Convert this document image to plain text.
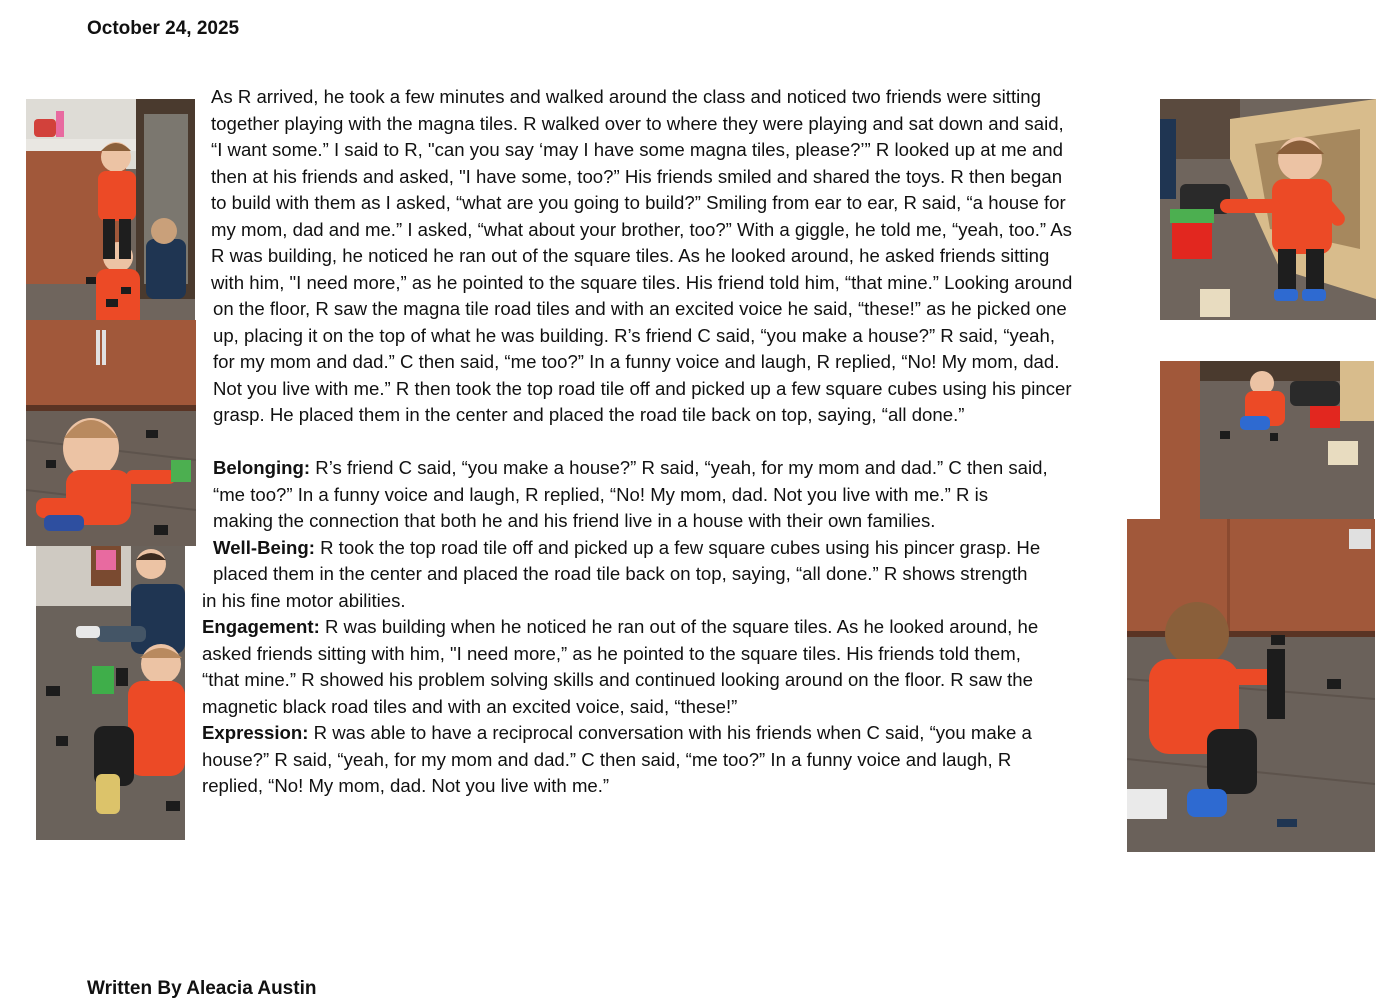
October 24, 2025
As R arrived, he took a few minutes and walked around the class and noticed two friends were sitting
together playing with the magna tiles. R walked over to where they were playing and sat down and said,
“I want some.” I said to R, "can you say ‘may I have some magna tiles, please?’” R looked up at me and
then at his friends and asked, "I have some, too?” His friends smiled and shared the toys. R then began
to build with them as I asked, “what are you going to build?” Smiling from ear to ear, R said, “a house for
my mom, dad and me.” I asked, “what about your brother, too?” With a giggle, he told me, “yeah, too.” As
R was building, he noticed he ran out of the square tiles. As he looked around, he asked friends sitting
with him, "I need more,” as he pointed to the square tiles. His friend told him, “that mine.” Looking around
on the floor, R saw the magna tile road tiles and with an excited voice he said, “these!” as he picked one
up, placing it on the top of what he was building. R’s friend C said, “you make a house?” R said, “yeah,
for my mom and dad.” C then said, “me too?” In a funny voice and laugh, R replied, “No! My mom, dad.
Not you live with me.” R then took the top road tile off and picked up a few square cubes using his pincer
grasp. He placed them in the center and placed the road tile back on top, saying, “all done.”
Belonging: R’s friend C said, “you make a house?” R said, “yeah, for my mom and dad.” C then said,
“me too?” In a funny voice and laugh, R replied, “No! My mom, dad. Not you live with me.” R is
making the connection that both he and his friend live in a house with their own families.
Well-Being: R took the top road tile off and picked up a few square cubes using his pincer grasp. He
placed them in the center and placed the road tile back on top, saying, “all done.” R shows strength
in his fine motor abilities.
Engagement: R was building when he noticed he ran out of the square tiles. As he looked around, he
asked friends sitting with him, "I need more,” as he pointed to the square tiles. His friends told them,
“that mine.” R showed his problem solving skills and continued looking around on the floor. R saw the
magnetic black road tiles and with an excited voice, said, “these!”
Expression: R was able to have a reciprocal conversation with his friends when C said, “you make a
house?” R said, “yeah, for my mom and dad.” C then said, “me too?” In a funny voice and laugh, R
replied, “No! My mom, dad. Not you live with me.”
Written By Aleacia Austin
